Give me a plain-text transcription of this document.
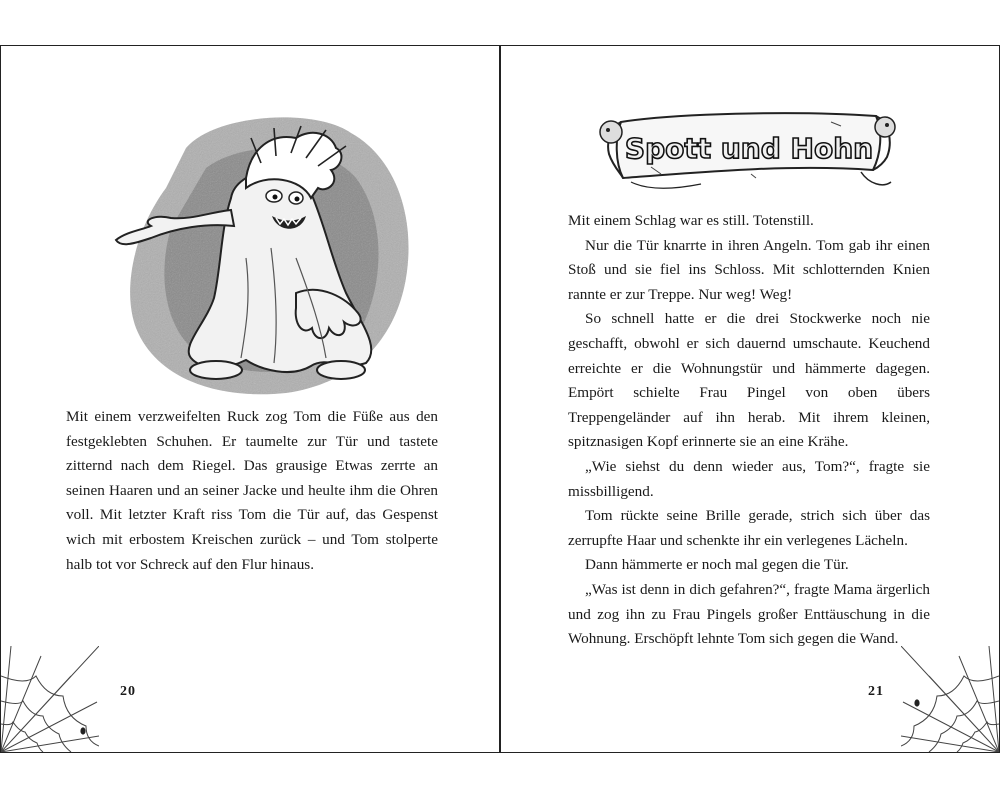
Mit einem verzweifelten Ruck zog Tom die Füße aus den festgeklebten Schuhen. Er taumelte zur Tür und tastete zitternd nach dem Riegel. Das grausige Etwas zerrte an seinen Haaren und an seiner Jacke und heulte ihm die Ohren voll. Mit letzter Kraft riss Tom die Tür auf, das Gespenst wich mit erbostem Kreischen zurück – und Tom stolperte halb tot vor Schreck auf den Flur hinaus.

20
Spott und Hohn

Mit einem Schlag war es still. Totenstill.

Nur die Tür knarrte in ihren Angeln. Tom gab ihr einen Stoß und sie fiel ins Schloss. Mit schlotternden Knien rannte er zur Treppe. Nur weg! Weg!

So schnell hatte er die drei Stockwerke noch nie geschafft, obwohl er sich dauernd umschaute. Keuchend erreichte er die Wohnungstür und hämmerte dagegen. Empört schielte Frau Pingel von oben übers Treppengeländer auf ihn herab. Mit ihrem kleinen, spitznasigen Kopf erinnerte sie an eine Krähe.

„Wie siehst du denn wieder aus, Tom?“, fragte sie missbilligend.

Tom rückte seine Brille gerade, strich sich über das zerrupfte Haar und schenkte ihr ein verlegenes Lächeln.

Dann hämmerte er noch mal gegen die Tür.

„Was ist denn in dich gefahren?“, fragte Mama ärgerlich und zog ihn zu Frau Pingels großer Enttäuschung in die Wohnung. Erschöpft lehnte Tom sich gegen die Wand.

21
